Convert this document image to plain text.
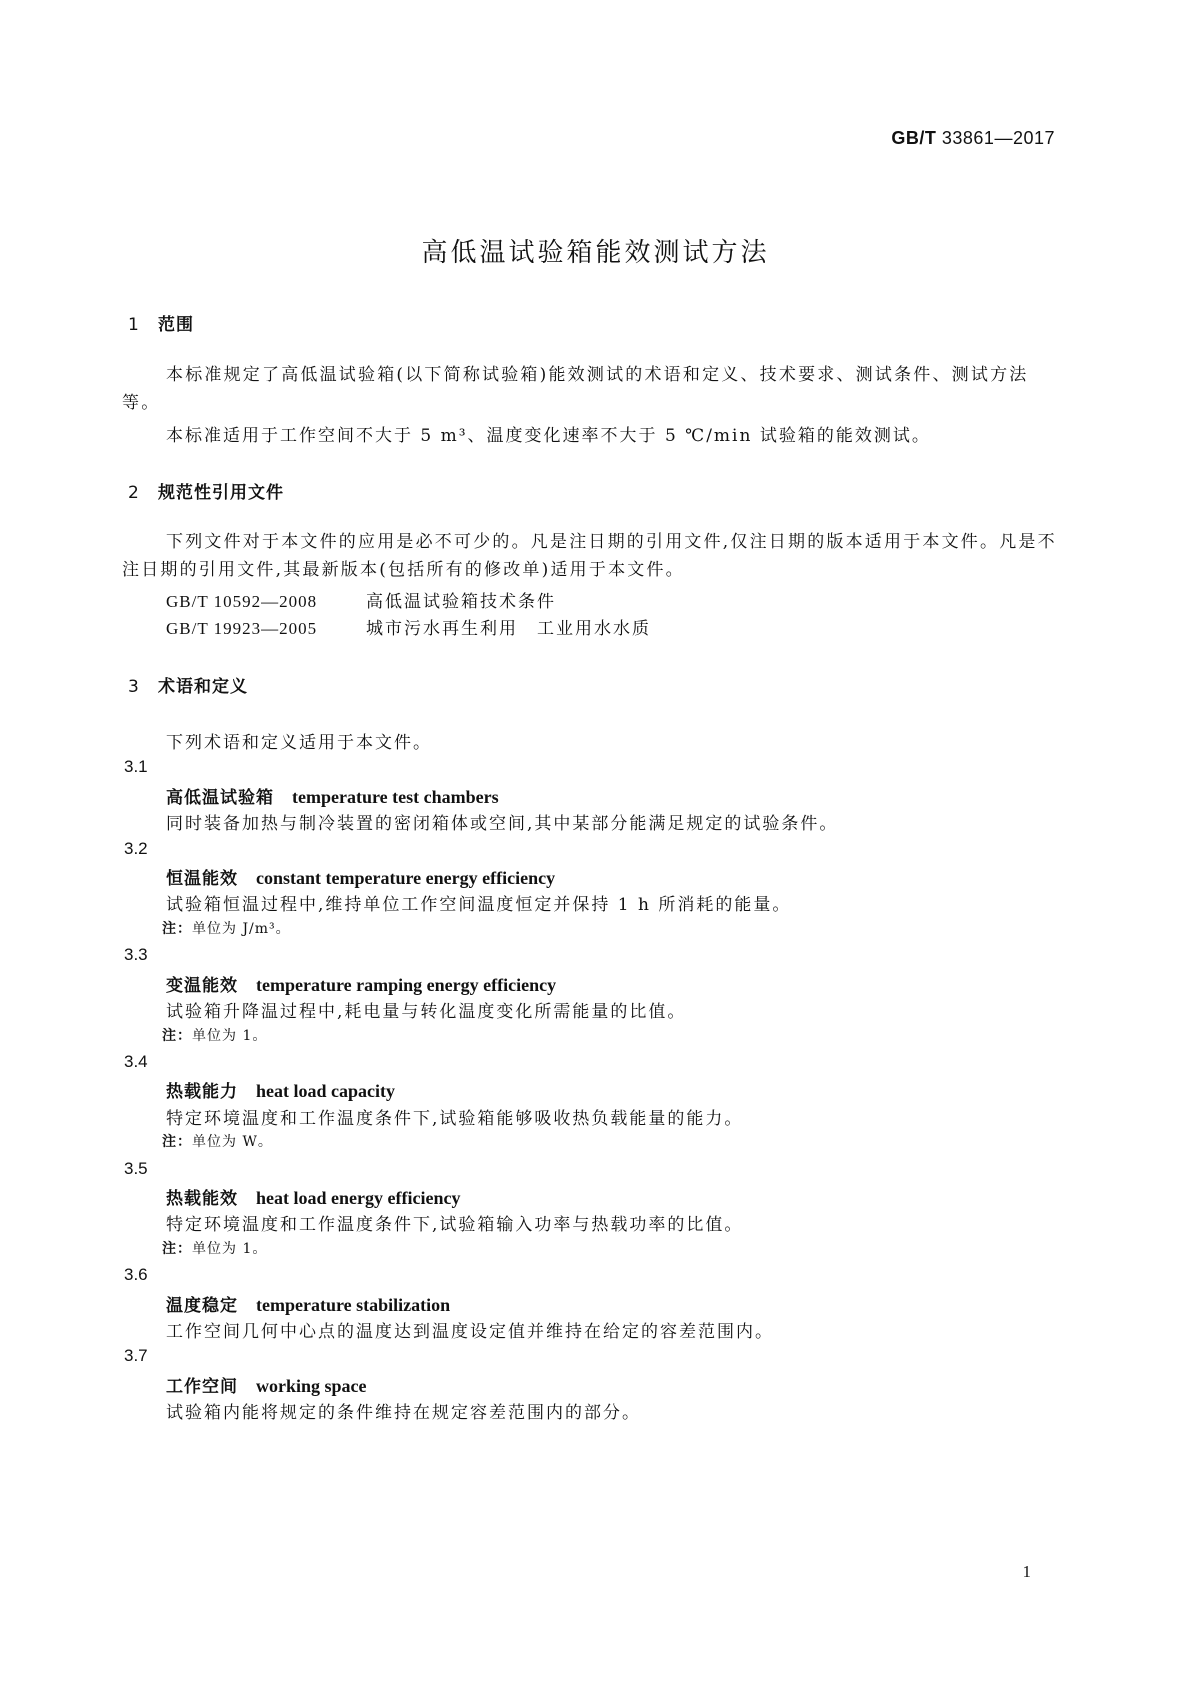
GB/T 33861—2017
高低温试验箱能效测试方法
1 范围
本标准规定了高低温试验箱(以下简称试验箱)能效测试的术语和定义、技术要求、测试条件、测试方法等。
本标准适用于工作空间不大于 5 m³、温度变化速率不大于 5 ℃/min 试验箱的能效测试。
2 规范性引用文件
下列文件对于本文件的应用是必不可少的。凡是注日期的引用文件,仅注日期的版本适用于本文件。凡是不注日期的引用文件,其最新版本(包括所有的修改单)适用于本文件。
GB/T 10592—2008	高低温试验箱技术条件
GB/T 19923—2005	城市污水再生利用　工业用水水质
3 术语和定义
下列术语和定义适用于本文件。
3.1
高低温试验箱 temperature test chambers
同时装备加热与制冷装置的密闭箱体或空间,其中某部分能满足规定的试验条件。
3.2
恒温能效 constant temperature energy efficiency
试验箱恒温过程中,维持单位工作空间温度恒定并保持 1 h 所消耗的能量。
注：单位为 J/m³。
3.3
变温能效 temperature ramping energy efficiency
试验箱升降温过程中,耗电量与转化温度变化所需能量的比值。
注：单位为 1。
3.4
热载能力 heat load capacity
特定环境温度和工作温度条件下,试验箱能够吸收热负载能量的能力。
注：单位为 W。
3.5
热载能效 heat load energy efficiency
特定环境温度和工作温度条件下,试验箱输入功率与热载功率的比值。
注：单位为 1。
3.6
温度稳定 temperature stabilization
工作空间几何中心点的温度达到温度设定值并维持在给定的容差范围内。
3.7
工作空间 working space
试验箱内能将规定的条件维持在规定容差范围内的部分。
1
